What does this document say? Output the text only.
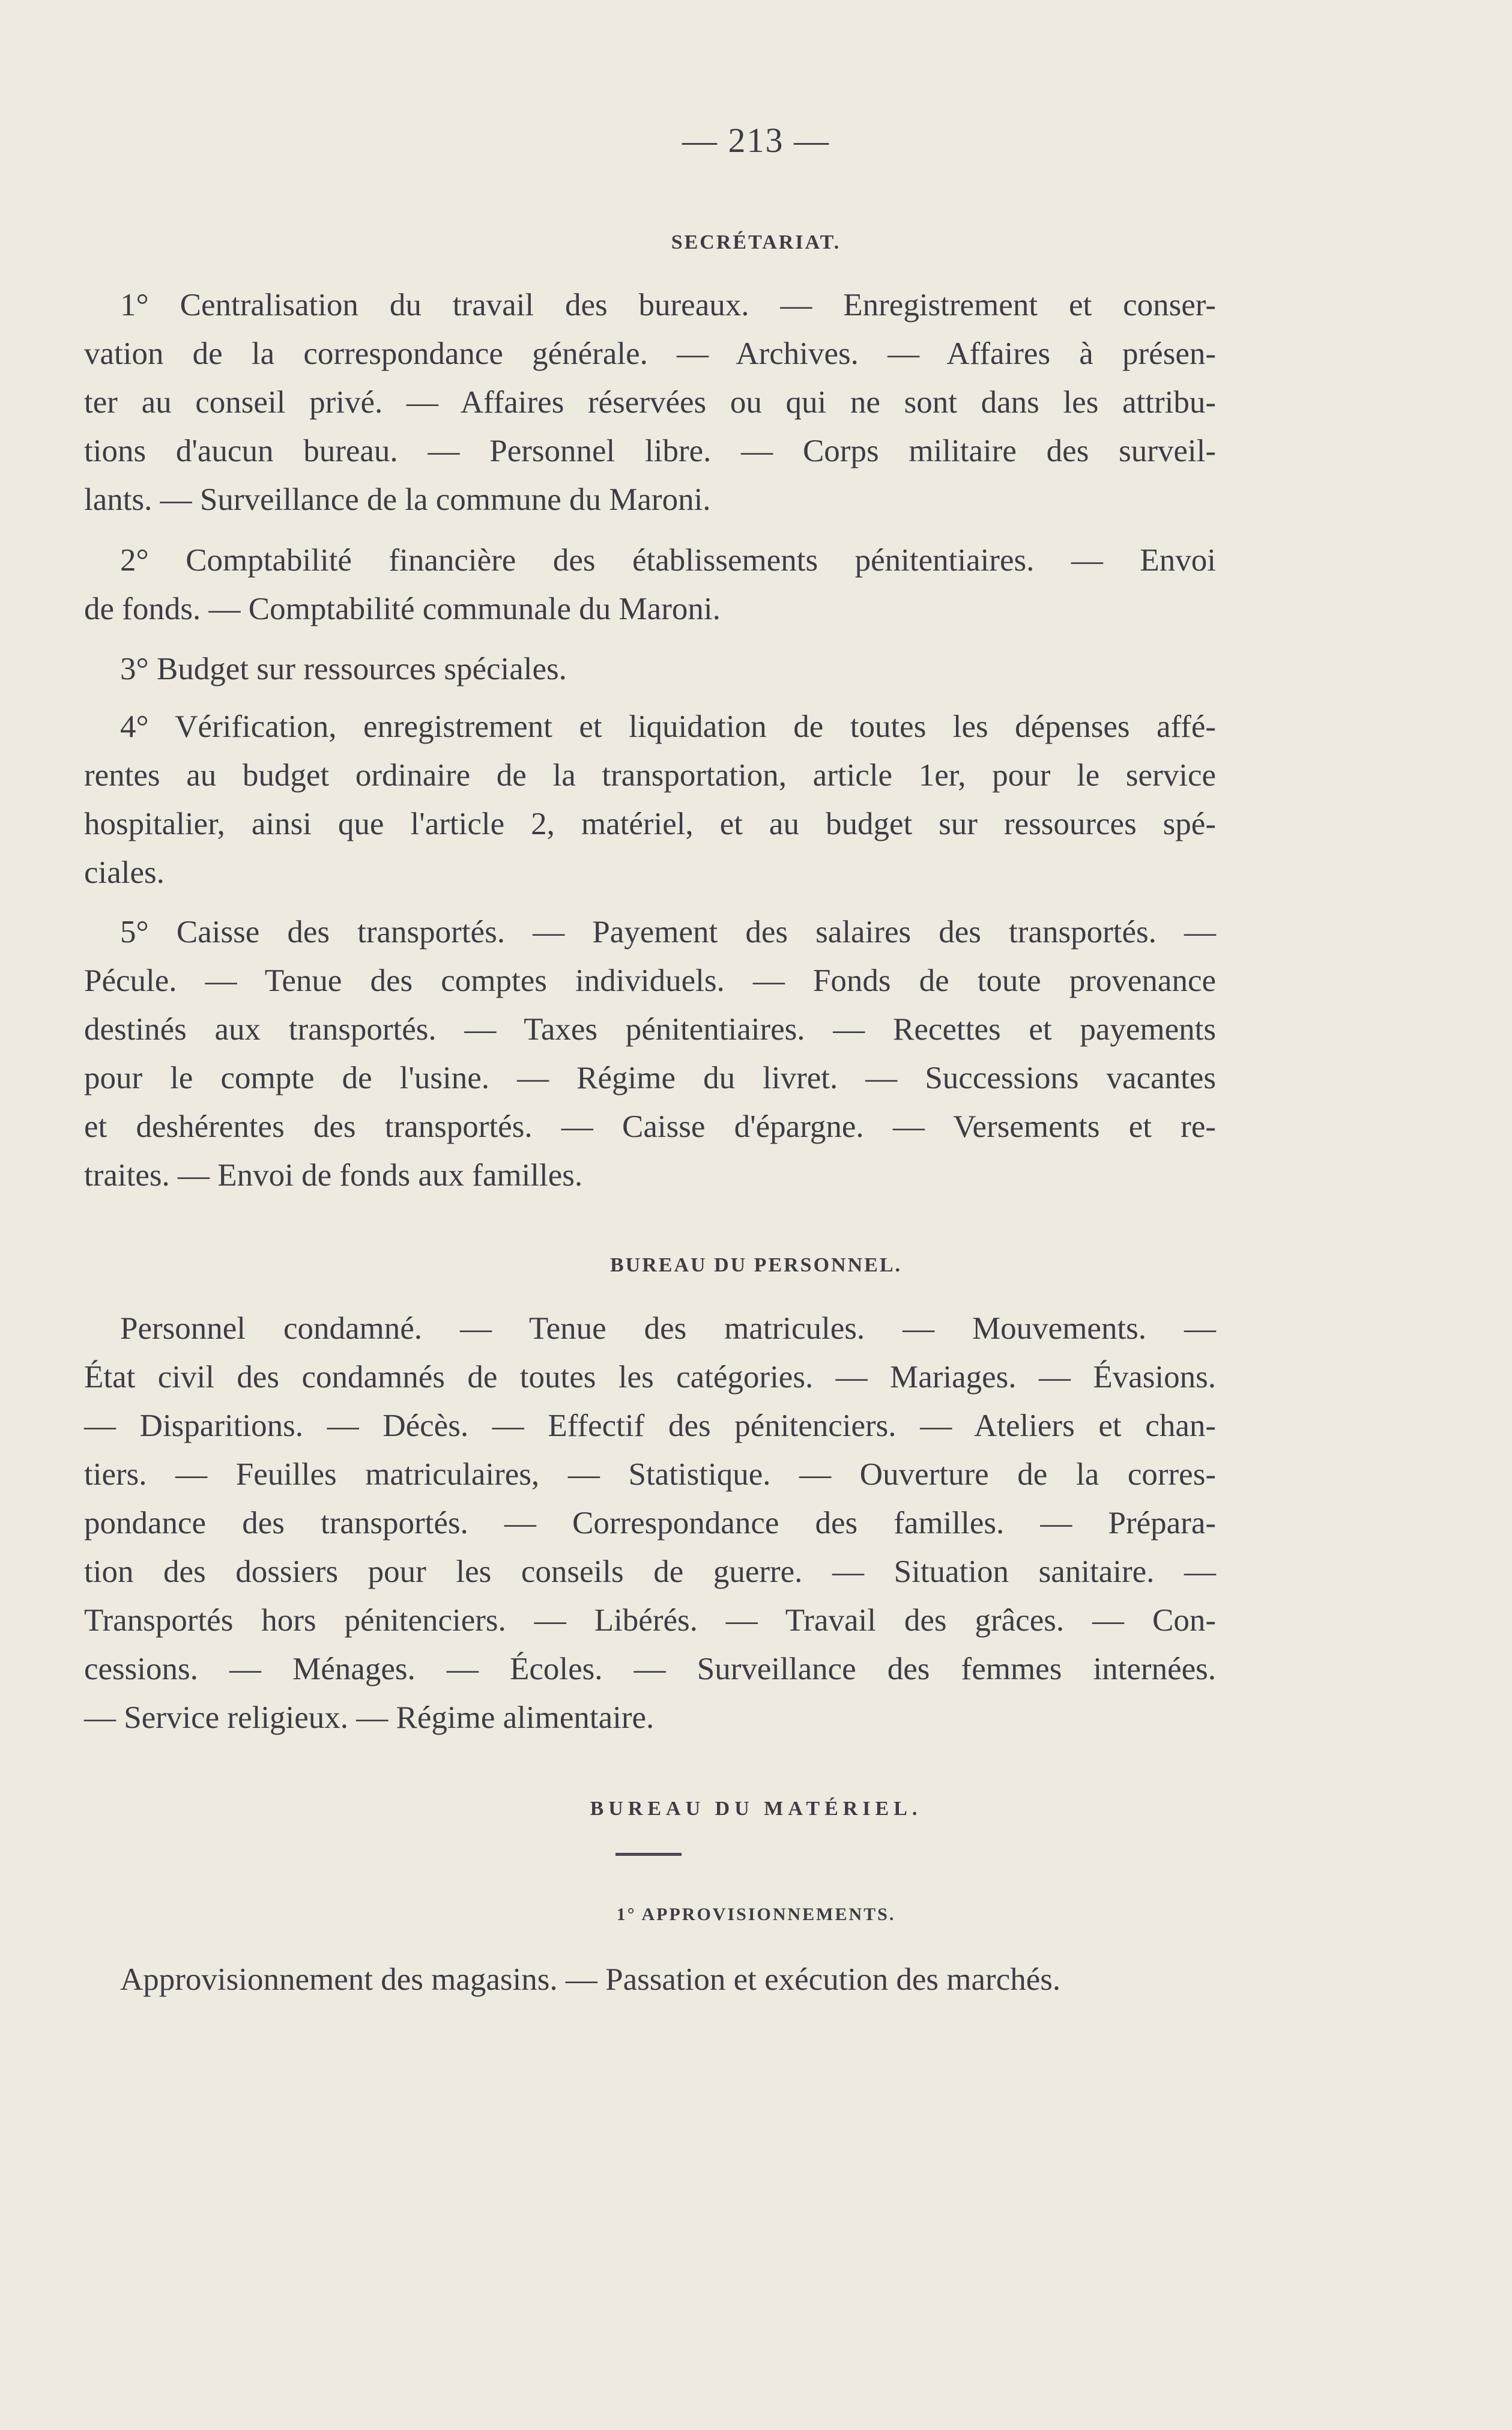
— 213 —
SECRÉTARIAT.
1° Centralisation du travail des bureaux. — Enregistrement et conser-
vation de la correspondance générale. — Archives. — Affaires à présen-
ter au conseil privé. — Affaires réservées ou qui ne sont dans les attribu-
tions d'aucun bureau. — Personnel libre. — Corps militaire des surveil-
lants. — Surveillance de la commune du Maroni.
2° Comptabilité financière des établissements pénitentiaires. — Envoi
de fonds. — Comptabilité communale du Maroni.
3° Budget sur ressources spéciales.
4° Vérification, enregistrement et liquidation de toutes les dépenses affé-
rentes au budget ordinaire de la transportation, article 1er, pour le service
hospitalier, ainsi que l'article 2, matériel, et au budget sur ressources spé-
ciales.
5° Caisse des transportés. — Payement des salaires des transportés. —
Pécule. — Tenue des comptes individuels. — Fonds de toute provenance
destinés aux transportés. — Taxes pénitentiaires. — Recettes et payements
pour le compte de l'usine. — Régime du livret. — Successions vacantes
et deshérentes des transportés. — Caisse d'épargne. — Versements et re-
traites. — Envoi de fonds aux familles.
BUREAU DU PERSONNEL.
Personnel condamné. — Tenue des matricules. — Mouvements. —
État civil des condamnés de toutes les catégories. — Mariages. — Évasions.
— Disparitions. — Décès. — Effectif des pénitenciers. — Ateliers et chan-
tiers. — Feuilles matriculaires, — Statistique. — Ouverture de la corres-
pondance des transportés. — Correspondance des familles. — Prépara-
tion des dossiers pour les conseils de guerre. — Situation sanitaire. —
Transportés hors pénitenciers. — Libérés. — Travail des grâces. — Con-
cessions. — Ménages. — Écoles. — Surveillance des femmes internées.
— Service religieux. — Régime alimentaire.
BUREAU DU MATÉRIEL.
1° APPROVISIONNEMENTS.
Approvisionnement des magasins. — Passation et exécution des marchés.
